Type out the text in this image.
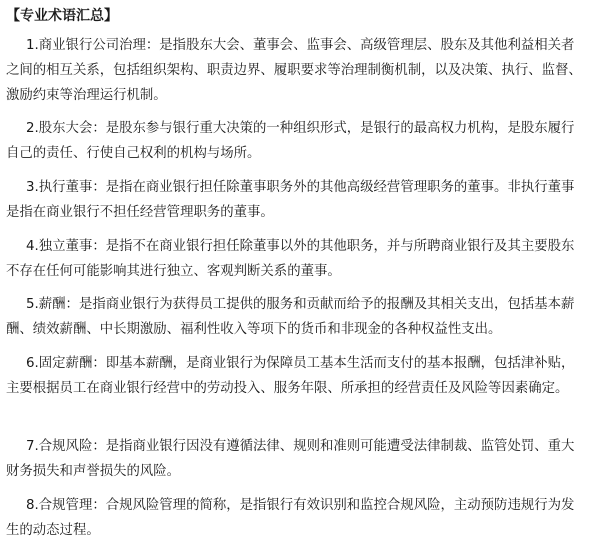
【专业术语汇总】

1.商业银行公司治理：是指股东大会、董事会、监事会、高级管理层、股东及其他利益相关者之间的相互关系，包括组织架构、职责边界、履职要求等治理制衡机制，以及决策、执行、监督、激励约束等治理运行机制。

2.股东大会：是股东参与银行重大决策的一种组织形式，是银行的最高权力机构，是股东履行自己的责任、行使自己权利的机构与场所。

3.执行董事：是指在商业银行担任除董事职务外的其他高级经营管理职务的董事。非执行董事是指在商业银行不担任经营管理职务的董事。

4.独立董事：是指不在商业银行担任除董事以外的其他职务，并与所聘商业银行及其主要股东不存在任何可能影响其进行独立、客观判断关系的董事。

5.薪酬：是指商业银行为获得员工提供的服务和贡献而给予的报酬及其相关支出，包括基本薪酬、绩效薪酬、中长期激励、福利性收入等项下的货币和非现金的各种权益性支出。

6.固定薪酬：即基本薪酬，是商业银行为保障员工基本生活而支付的基本报酬，包括津补贴，主要根据员工在商业银行经营中的劳动投入、服务年限、所承担的经营责任及风险等因素确定。

7.合规风险：是指商业银行因没有遵循法律、规则和准则可能遭受法律制裁、监管处罚、重大财务损失和声誉损失的风险。

8.合规管理：合规风险管理的简称，是指银行有效识别和监控合规风险，主动预防违规行为发生的动态过程。
